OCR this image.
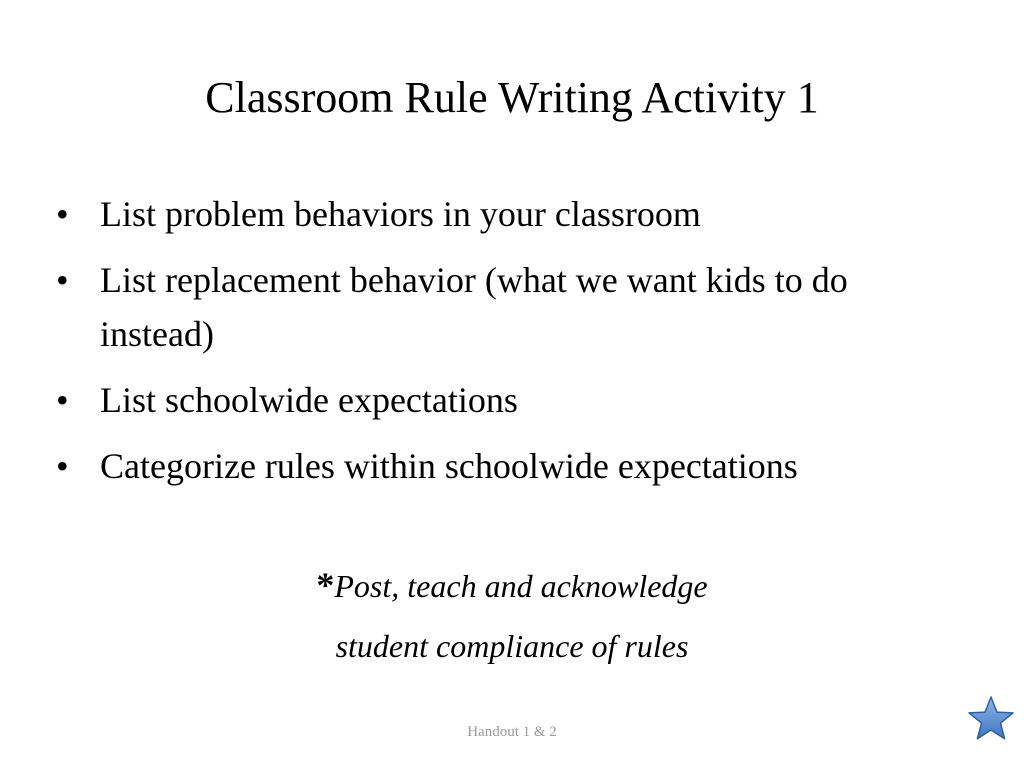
Classroom Rule Writing Activity 1
• List problem behaviors in your classroom
• List replacement behavior (what we want kids to do instead)
• List schoolwide expectations
• Categorize rules within schoolwide expectations
*Post, teach and acknowledge
student compliance of rules
Handout 1 & 2
